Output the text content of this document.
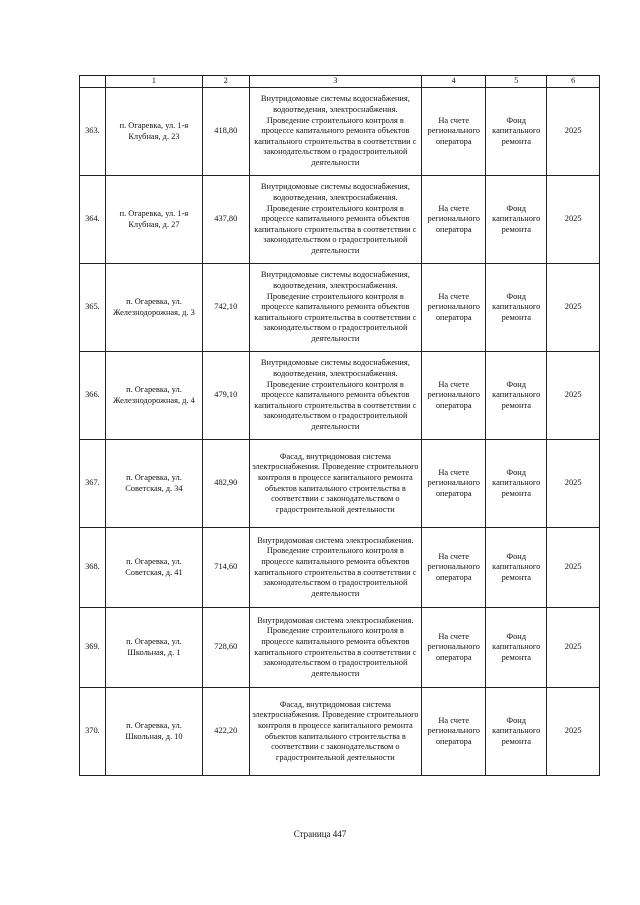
	1	2	3	4	5	6
363.	п. Огаревка, ул. 1-я Клубная, д. 23	418,80	Внутридомовые системы водоснабжения, водоотведения, электроснабжения. Проведение строительного контроля в процессе капитального ремонта объектов капитального строительства в соответствии с законодательством о градостроительной деятельности	На счете регионального оператора	Фонд капитального ремонта	2025
364.	п. Огаревка, ул. 1-я Клубная, д. 27	437,80	Внутридомовые системы водоснабжения, водоотведения, электроснабжения. Проведение строительного контроля в процессе капитального ремонта объектов капитального строительства в соответствии с законодательством о градостроительной деятельности	На счете регионального оператора	Фонд капитального ремонта	2025
365.	п. Огаревка, ул. Железнодорожная, д. 3	742,10	Внутридомовые системы водоснабжения, водоотведения, электроснабжения. Проведение строительного контроля в процессе капитального ремонта объектов капитального строительства в соответствии с законодательством о градостроительной деятельности	На счете регионального оператора	Фонд капитального ремонта	2025
366.	п. Огаревка, ул. Железнодорожная, д. 4	479,10	Внутридомовые системы водоснабжения, водоотведения, электроснабжения. Проведение строительного контроля в процессе капитального ремонта объектов капитального строительства в соответствии с законодательством о градостроительной деятельности	На счете регионального оператора	Фонд капитального ремонта	2025
367.	п. Огаревка, ул. Советская, д. 34	482,90	Фасад, внутридомовая система электроснабжения. Проведение строительного контроля в процессе капитального ремонта объектов капитального строительства в соответствии с законодательством о градостроительной деятельности	На счете регионального оператора	Фонд капитального ремонта	2025
368.	п. Огаревка, ул. Советская, д. 41	714,60	Внутридомовая система электроснабжения. Проведение строительного контроля в процессе капитального ремонта объектов капитального строительства в соответствии с законодательством о градостроительной деятельности	На счете регионального оператора	Фонд капитального ремонта	2025
369.	п. Огаревка, ул. Школьная, д. 1	728,60	Внутридомовая система электроснабжения. Проведение строительного контроля в процессе капитального ремонта объектов капитального строительства в соответствии с законодательством о градостроительной деятельности	На счете регионального оператора	Фонд капитального ремонта	2025
370.	п. Огаревка, ул. Школьная, д. 10	422,20	Фасад, внутридомовая система электроснабжения. Проведение строительного контроля в процессе капитального ремонта объектов капитального строительства в соответствии с законодательством о градостроительной деятельности	На счете регионального оператора	Фонд капитального ремонта	2025
Страница 447
